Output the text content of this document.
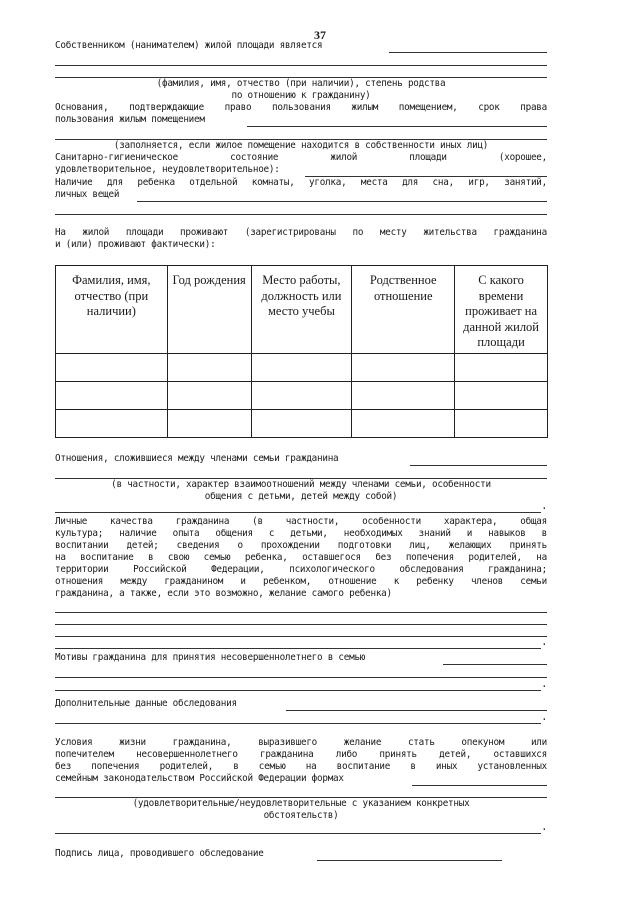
37
Собственником (нанимателем) жилой площади является
(фамилия, имя, отчество (при наличии), степень родства
по отношению к гражданину)
Основания, подтверждающие право пользования жилым помещением, срок права
пользования жилым помещением
(заполняется, если жилое помещение находится в собственности иных лиц)
Санитарно-гигиеническое состояние жилой площади (хорошее,
удовлетворительное, неудовлетворительное):
Наличие для ребенка отдельной комнаты, уголка, места для сна, игр, занятий,
личных вещей
На жилой площади проживают (зарегистрированы по месту жительства гражданина
и (или) проживают фактически):
Фамилия, имя, отчество (при наличии)	Год рождения	Место работы, должность или место учебы	Родственное отношение	С какого времени проживает на данной жилой площади

Отношения, сложившиеся между членами семьи гражданина
(в частности, характер взаимоотношений между членами семьи, особенности
общения с детьми, детей между собой)
.
Личные качества гражданина (в частности, особенности характера, общая
культура; наличие опыта общения с детьми, необходимых знаний и навыков в
воспитании детей; сведения о прохождении подготовки лиц, желающих принять
на воспитание в свою семью ребенка, оставшегося без попечения родителей, на
территории Российской Федерации, психологического обследования гражданина;
отношения между гражданином и ребенком, отношение к ребенку членов семьи
гражданина, а также, если это возможно, желание самого ребенка)
.
Мотивы гражданина для принятия несовершеннолетнего в семью
.
Дополнительные данные обследования
.
Условия жизни гражданина, выразившего желание стать опекуном или
попечителем несовершеннолетнего гражданина либо принять детей, оставшихся
без попечения родителей, в семью на воспитание в иных установленных
семейным законодательством Российской Федерации формах
(удовлетворительные/неудовлетворительные с указанием конкретных
обстоятельств)
.
Подпись лица, проводившего обследование
